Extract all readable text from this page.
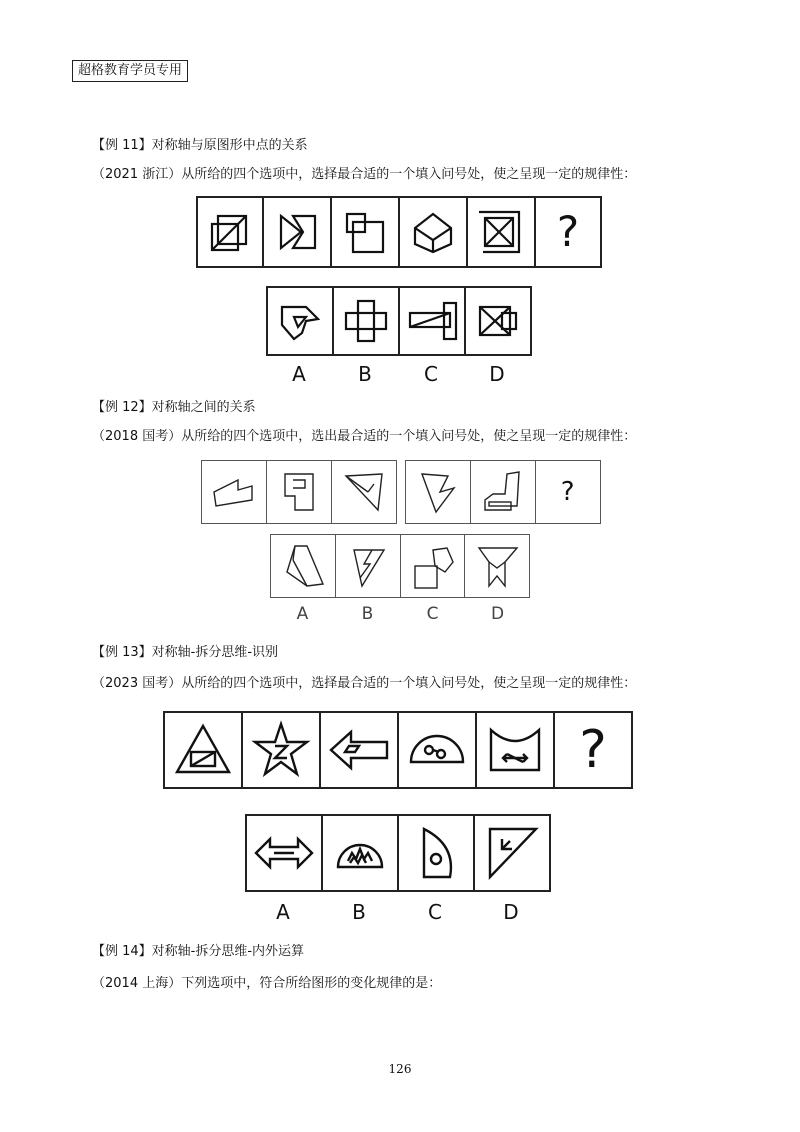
超格教育学员专用
【例 11】对称轴与原图形中点的关系
（2021 浙江）从所给的四个选项中，选择最合适的一个填入问号处，使之呈现一定的规律性：
?
A	B	C	D
【例 12】对称轴之间的关系
（2018 国考）从所给的四个选项中，选出最合适的一个填入问号处，使之呈现一定的规律性：
?
A	B	C	D
【例 13】对称轴-拆分思维-识别
（2023 国考）从所给的四个选项中，选择最合适的一个填入问号处，使之呈现一定的规律性：
?
A	B	C	D
【例 14】对称轴-拆分思维-内外运算
（2014 上海）下列选项中，符合所给图形的变化规律的是：
126
